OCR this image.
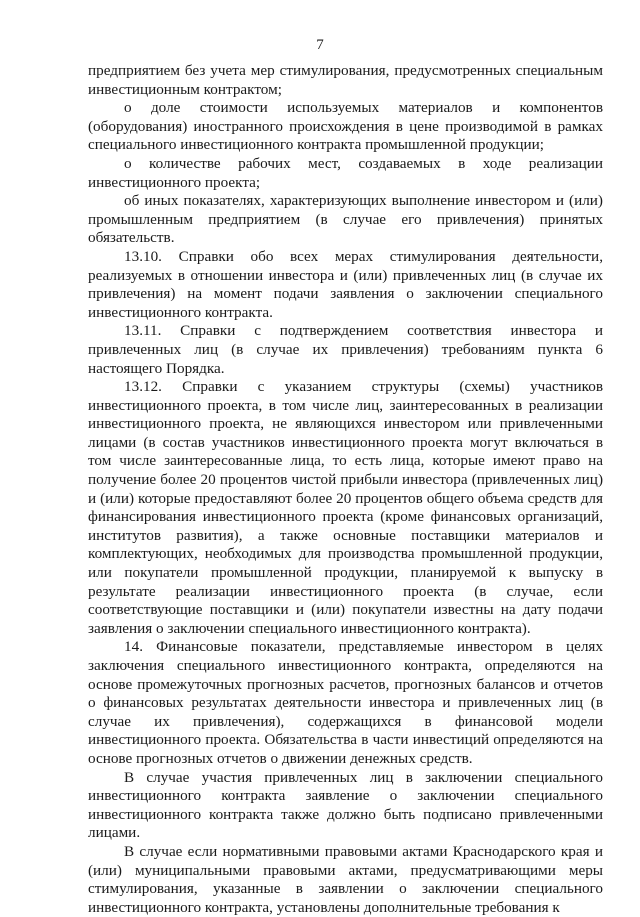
7

предприятием без учета мер стимулирования, предусмотренных специальным инвестиционным контрактом;

о доле стоимости используемых материалов и компонентов (оборудования) иностранного происхождения в цене производимой в рамках специального инвестиционного контракта промышленной продукции;

о количестве рабочих мест, создаваемых в ходе реализации инвестиционного проекта;

об иных показателях, характеризующих выполнение инвестором и (или) промышленным предприятием (в случае его привлечения) принятых обязательств.

13.10. Справки обо всех мерах стимулирования деятельности, реализуемых в отношении инвестора и (или) привлеченных лиц (в случае их привлечения) на момент подачи заявления о заключении специального инвестиционного контракта.

13.11. Справки с подтверждением соответствия инвестора и привлеченных лиц (в случае их привлечения) требованиям пункта 6 настоящего Порядка.

13.12. Справки с указанием структуры (схемы) участников инвестиционного проекта, в том числе лиц, заинтересованных в реализации инвестиционного проекта, не являющихся инвестором или привлеченными лицами (в состав участников инвестиционного проекта могут включаться в том числе заинтересованные лица, то есть лица, которые имеют право на получение более 20 процентов чистой прибыли инвестора (привлеченных лиц) и (или) которые предоставляют более 20 процентов общего объема средств для финансирования инвестиционного проекта (кроме финансовых организаций, институтов развития), а также основные поставщики материалов и комплектующих, необходимых для производства промышленной продукции, или покупатели промышленной продукции, планируемой к выпуску в результате реализации инвестиционного проекта (в случае, если соответствующие поставщики и (или) покупатели известны на дату подачи заявления о заключении специального инвестиционного контракта).

14. Финансовые показатели, представляемые инвестором в целях заключения специального инвестиционного контракта, определяются на основе промежуточных прогнозных расчетов, прогнозных балансов и отчетов о финансовых результатах деятельности инвестора и привлеченных лиц (в случае их привлечения), содержащихся в финансовой модели инвестиционного проекта. Обязательства в части инвестиций определяются на основе прогнозных отчетов о движении денежных средств.

В случае участия привлеченных лиц в заключении специального инвестиционного контракта заявление о заключении специального инвестиционного контракта также должно быть подписано привлеченными лицами.

В случае если нормативными правовыми актами Краснодарского края и (или) муниципальными правовыми актами, предусматривающими меры стимулирования, указанные в заявлении о заключении специального инвестиционного контракта, установлены дополнительные требования к
